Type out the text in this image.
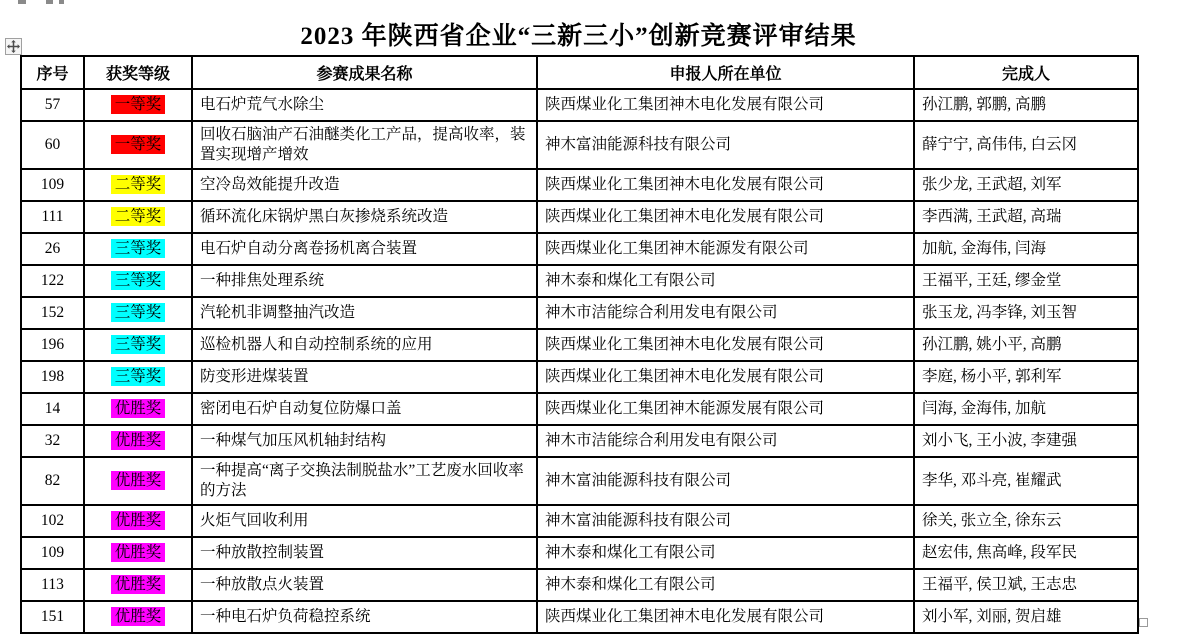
2023 年陕西省企业“三新三小”创新竞赛评审结果
序号	获奖等级	参赛成果名称	申报人所在单位	完成人
57	一等奖	电石炉荒气水除尘	陕西煤业化工集团神木电化发展有限公司	孙江鹏, 郭鹏, 高鹏
60	一等奖	回收石脑油产石油醚类化工产品，提高收率，装置实现增产增效	神木富油能源科技有限公司	薛宁宁, 高伟伟, 白云冈
109	二等奖	空冷岛效能提升改造	陕西煤业化工集团神木电化发展有限公司	张少龙, 王武超, 刘军
111	二等奖	循环流化床锅炉黑白灰掺烧系统改造	陕西煤业化工集团神木电化发展有限公司	李西满, 王武超, 高瑞
26	三等奖	电石炉自动分离卷扬机离合装置	陕西煤业化工集团神木能源发有限公司	加航, 金海伟, 闫海
122	三等奖	一种排焦处理系统	神木泰和煤化工有限公司	王福平, 王廷, 缪金堂
152	三等奖	汽轮机非调整抽汽改造	神木市洁能综合利用发电有限公司	张玉龙, 冯李锋, 刘玉智
196	三等奖	巡检机器人和自动控制系统的应用	陕西煤业化工集团神木电化发展有限公司	孙江鹏, 姚小平, 高鹏
198	三等奖	防变形进煤装置	陕西煤业化工集团神木电化发展有限公司	李庭, 杨小平, 郭利军
14	优胜奖	密闭电石炉自动复位防爆口盖	陕西煤业化工集团神木能源发展有限公司	闫海, 金海伟, 加航
32	优胜奖	一种煤气加压风机轴封结构	神木市洁能综合利用发电有限公司	刘小飞, 王小波, 李建强
82	优胜奖	一种提高“离子交换法制脱盐水”工艺废水回收率的方法	神木富油能源科技有限公司	李华, 邓斗亮, 崔耀武
102	优胜奖	火炬气回收利用	神木富油能源科技有限公司	徐关, 张立全, 徐东云
109	优胜奖	一种放散控制装置	神木泰和煤化工有限公司	赵宏伟, 焦高峰, 段军民
113	优胜奖	一种放散点火装置	神木泰和煤化工有限公司	王福平, 侯卫斌, 王志忠
151	优胜奖	一种电石炉负荷稳控系统	陕西煤业化工集团神木电化发展有限公司	刘小军, 刘丽, 贺启雄
